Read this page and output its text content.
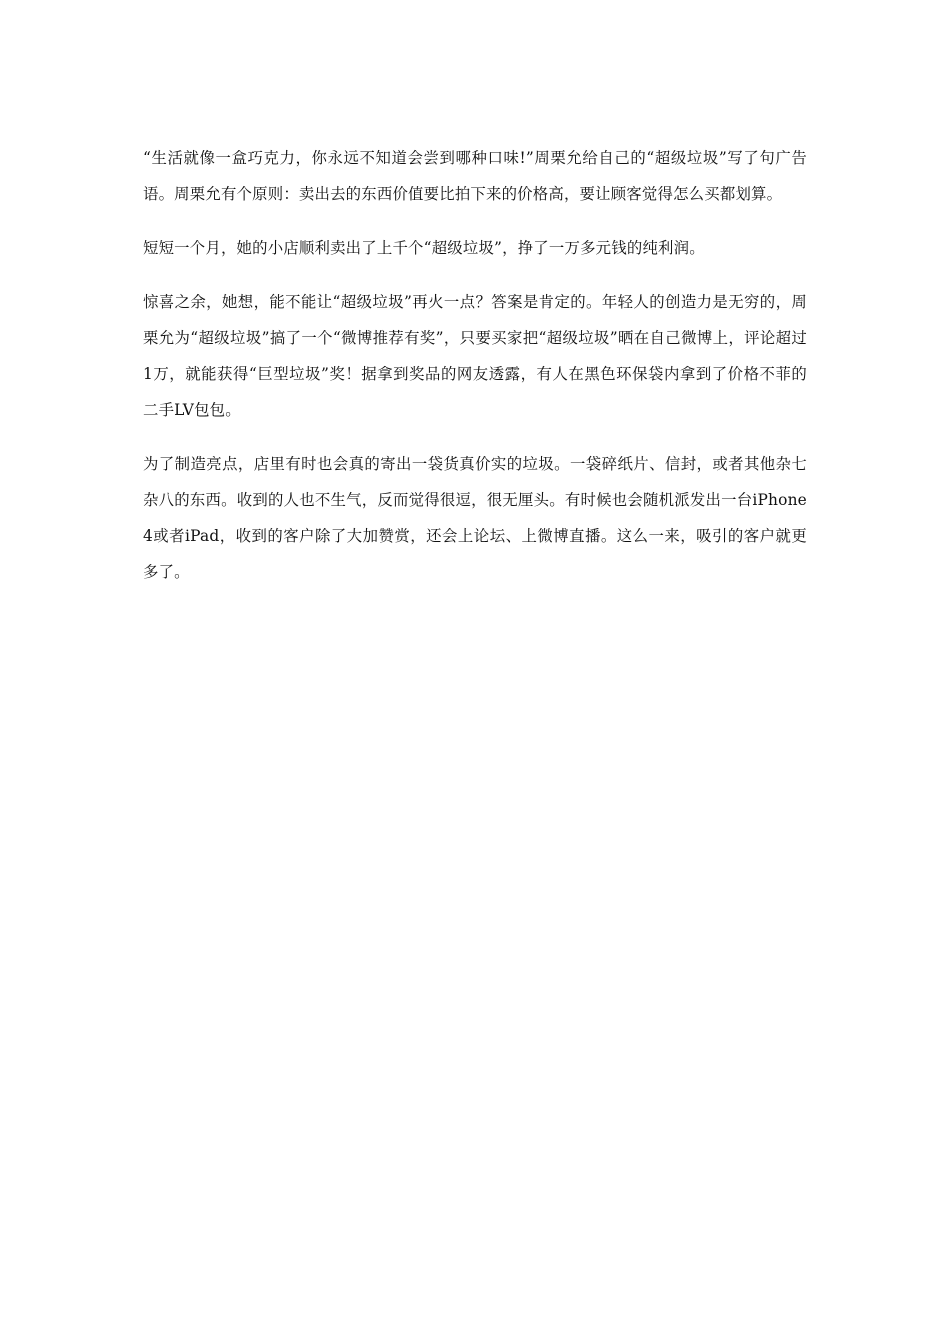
“生活就像一盒巧克力，你永远不知道会尝到哪种口味!”周栗允给自己的“超级垃圾”写了句广告语。周栗允有个原则：卖出去的东西价值要比拍下来的价格高，要让顾客觉得怎么买都划算。

短短一个月，她的小店顺利卖出了上千个“超级垃圾”，挣了一万多元钱的纯利润。

惊喜之余，她想，能不能让“超级垃圾”再火一点？答案是肯定的。年轻人的创造力是无穷的，周栗允为“超级垃圾”搞了一个“微博推荐有奖”，只要买家把“超级垃圾”晒在自己微博上，评论超过1万，就能获得“巨型垃圾”奖！据拿到奖品的网友透露，有人在黑色环保袋内拿到了价格不菲的二手LV包包。

为了制造亮点，店里有时也会真的寄出一袋货真价实的垃圾。一袋碎纸片、信封，或者其他杂七杂八的东西。收到的人也不生气，反而觉得很逗，很无厘头。有时候也会随机派发出一台iPhone4或者iPad，收到的客户除了大加赞赏，还会上论坛、上微博直播。这么一来，吸引的客户就更多了。
